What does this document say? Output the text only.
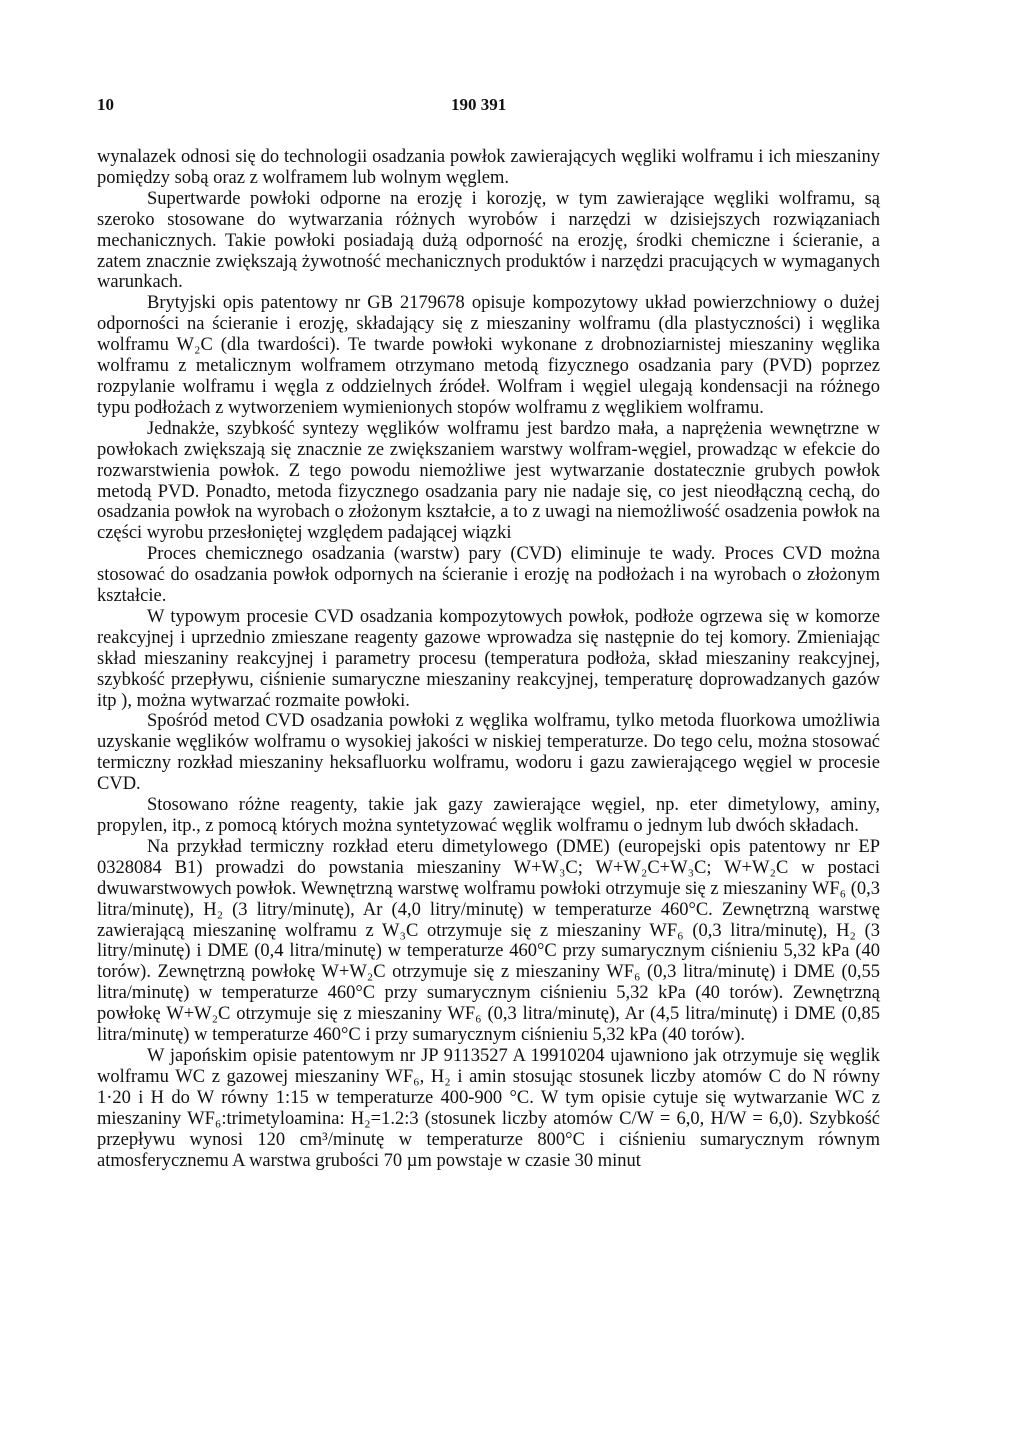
10	190 391

wynalazek odnosi się do technologii osadzania powłok zawierających węgliki wolframu i ich mieszaniny pomiędzy sobą oraz z wolframem lub wolnym węglem.

Supertwarde powłoki odporne na erozję i korozję, w tym zawierające węgliki wolframu, są szeroko stosowane do wytwarzania różnych wyrobów i narzędzi w dzisiejszych rozwiązaniach mechanicznych. Takie powłoki posiadają dużą odporność na erozję, środki chemiczne i ścieranie, a zatem znacznie zwiększają żywotność mechanicznych produktów i narzędzi pracujących w wymaganych warunkach.

Brytyjski opis patentowy nr GB 2179678 opisuje kompozytowy układ powierzchniowy o dużej odporności na ścieranie i erozję, składający się z mieszaniny wolframu (dla plastyczności) i węglika wolframu W₂C (dla twardości). Te twarde powłoki wykonane z drobnoziarnistej mieszaniny węglika wolframu z metalicznym wolframem otrzymano metodą fizycznego osadzania pary (PVD) poprzez rozpylanie wolframu i węgla z oddzielnych źródeł. Wolfram i węgiel ulegają kondensacji na różnego typu podłożach z wytworzeniem wymienionych stopów wolframu z węglikiem wolframu.

Jednakże, szybkość syntezy węglików wolframu jest bardzo mała, a naprężenia wewnętrzne w powłokach zwiększają się znacznie ze zwiększaniem warstwy wolfram-węgiel, prowadząc w efekcie do rozwarstwienia powłok. Z tego powodu niemożliwe jest wytwarzanie dostatecznie grubych powłok metodą PVD. Ponadto, metoda fizycznego osadzania pary nie nadaje się, co jest nieodłączną cechą, do osadzania powłok na wyrobach o złożonym kształcie, a to z uwagi na niemożliwość osadzenia powłok na części wyrobu przesłoniętej względem padającej wiązki

Proces chemicznego osadzania (warstw) pary (CVD) eliminuje te wady. Proces CVD można stosować do osadzania powłok odpornych na ścieranie i erozję na podłożach i na wyrobach o złożonym kształcie.

W typowym procesie CVD osadzania kompozytowych powłok, podłoże ogrzewa się w komorze reakcyjnej i uprzednio zmieszane reagenty gazowe wprowadza się następnie do tej komory. Zmieniając skład mieszaniny reakcyjnej i parametry procesu (temperatura podłoża, skład mieszaniny reakcyjnej, szybkość przepływu, ciśnienie sumaryczne mieszaniny reakcyjnej, temperaturę doprowadzanych gazów itp ), można wytwarzać rozmaite powłoki.

Spośród metod CVD osadzania powłoki z węglika wolframu, tylko metoda fluorkowa umożliwia uzyskanie węglików wolframu o wysokiej jakości w niskiej temperaturze. Do tego celu, można stosować termiczny rozkład mieszaniny heksafluorku wolframu, wodoru i gazu zawierającego węgiel w procesie CVD.

Stosowano różne reagenty, takie jak gazy zawierające węgiel, np. eter dimetylowy, aminy, propylen, itp., z pomocą których można syntetyzować węglik wolframu o jednym lub dwóch składach.

Na przykład termiczny rozkład eteru dimetylowego (DME) (europejski opis patentowy nr EP 0328084 B1) prowadzi do powstania mieszaniny W+W₃C; W+W₂C+W₃C; W+W₂C w postaci dwuwarstwowych powłok. Wewnętrzną warstwę wolframu powłoki otrzymuje się z mieszaniny WF₆ (0,3 litra/minutę), H₂ (3 litry/minutę), Ar (4,0 litry/minutę) w temperaturze 460°C. Zewnętrzną warstwę zawierającą mieszaninę wolframu z W₃C otrzymuje się z mieszaniny WF₆ (0,3 litra/minutę), H₂ (3 litry/minutę) i DME (0,4 litra/minutę) w temperaturze 460°C przy sumarycznym ciśnieniu 5,32 kPa (40 torów). Zewnętrzną powłokę W+W₂C otrzymuje się z mieszaniny WF₆ (0,3 litra/minutę) i DME (0,55 litra/minutę) w temperaturze 460°C przy sumarycznym ciśnieniu 5,32 kPa (40 torów). Zewnętrzną powłokę W+W₂C otrzymuje się z mieszaniny WF₆ (0,3 litra/minutę), Ar (4,5 litra/minutę) i DME (0,85 litra/minutę) w temperaturze 460°C i przy sumarycznym ciśnieniu 5,32 kPa (40 torów).

W japońskim opisie patentowym nr JP 9113527 A 19910204 ujawniono jak otrzymuje się węglik wolframu WC z gazowej mieszaniny WF₆, H₂ i amin stosując stosunek liczby atomów C do N równy 1·20 i H do W równy 1:15 w temperaturze 400-900 °C. W tym opisie cytuje się wytwarzanie WC z mieszaniny WF₆:trimetyloamina: H₂=1.2:3 (stosunek liczby atomów C/W = 6,0, H/W = 6,0). Szybkość przepływu wynosi 120 cm³/minutę w temperaturze 800°C i ciśnieniu sumarycznym równym atmosferycznemu A warstwa grubości 70 µm powstaje w czasie 30 minut
